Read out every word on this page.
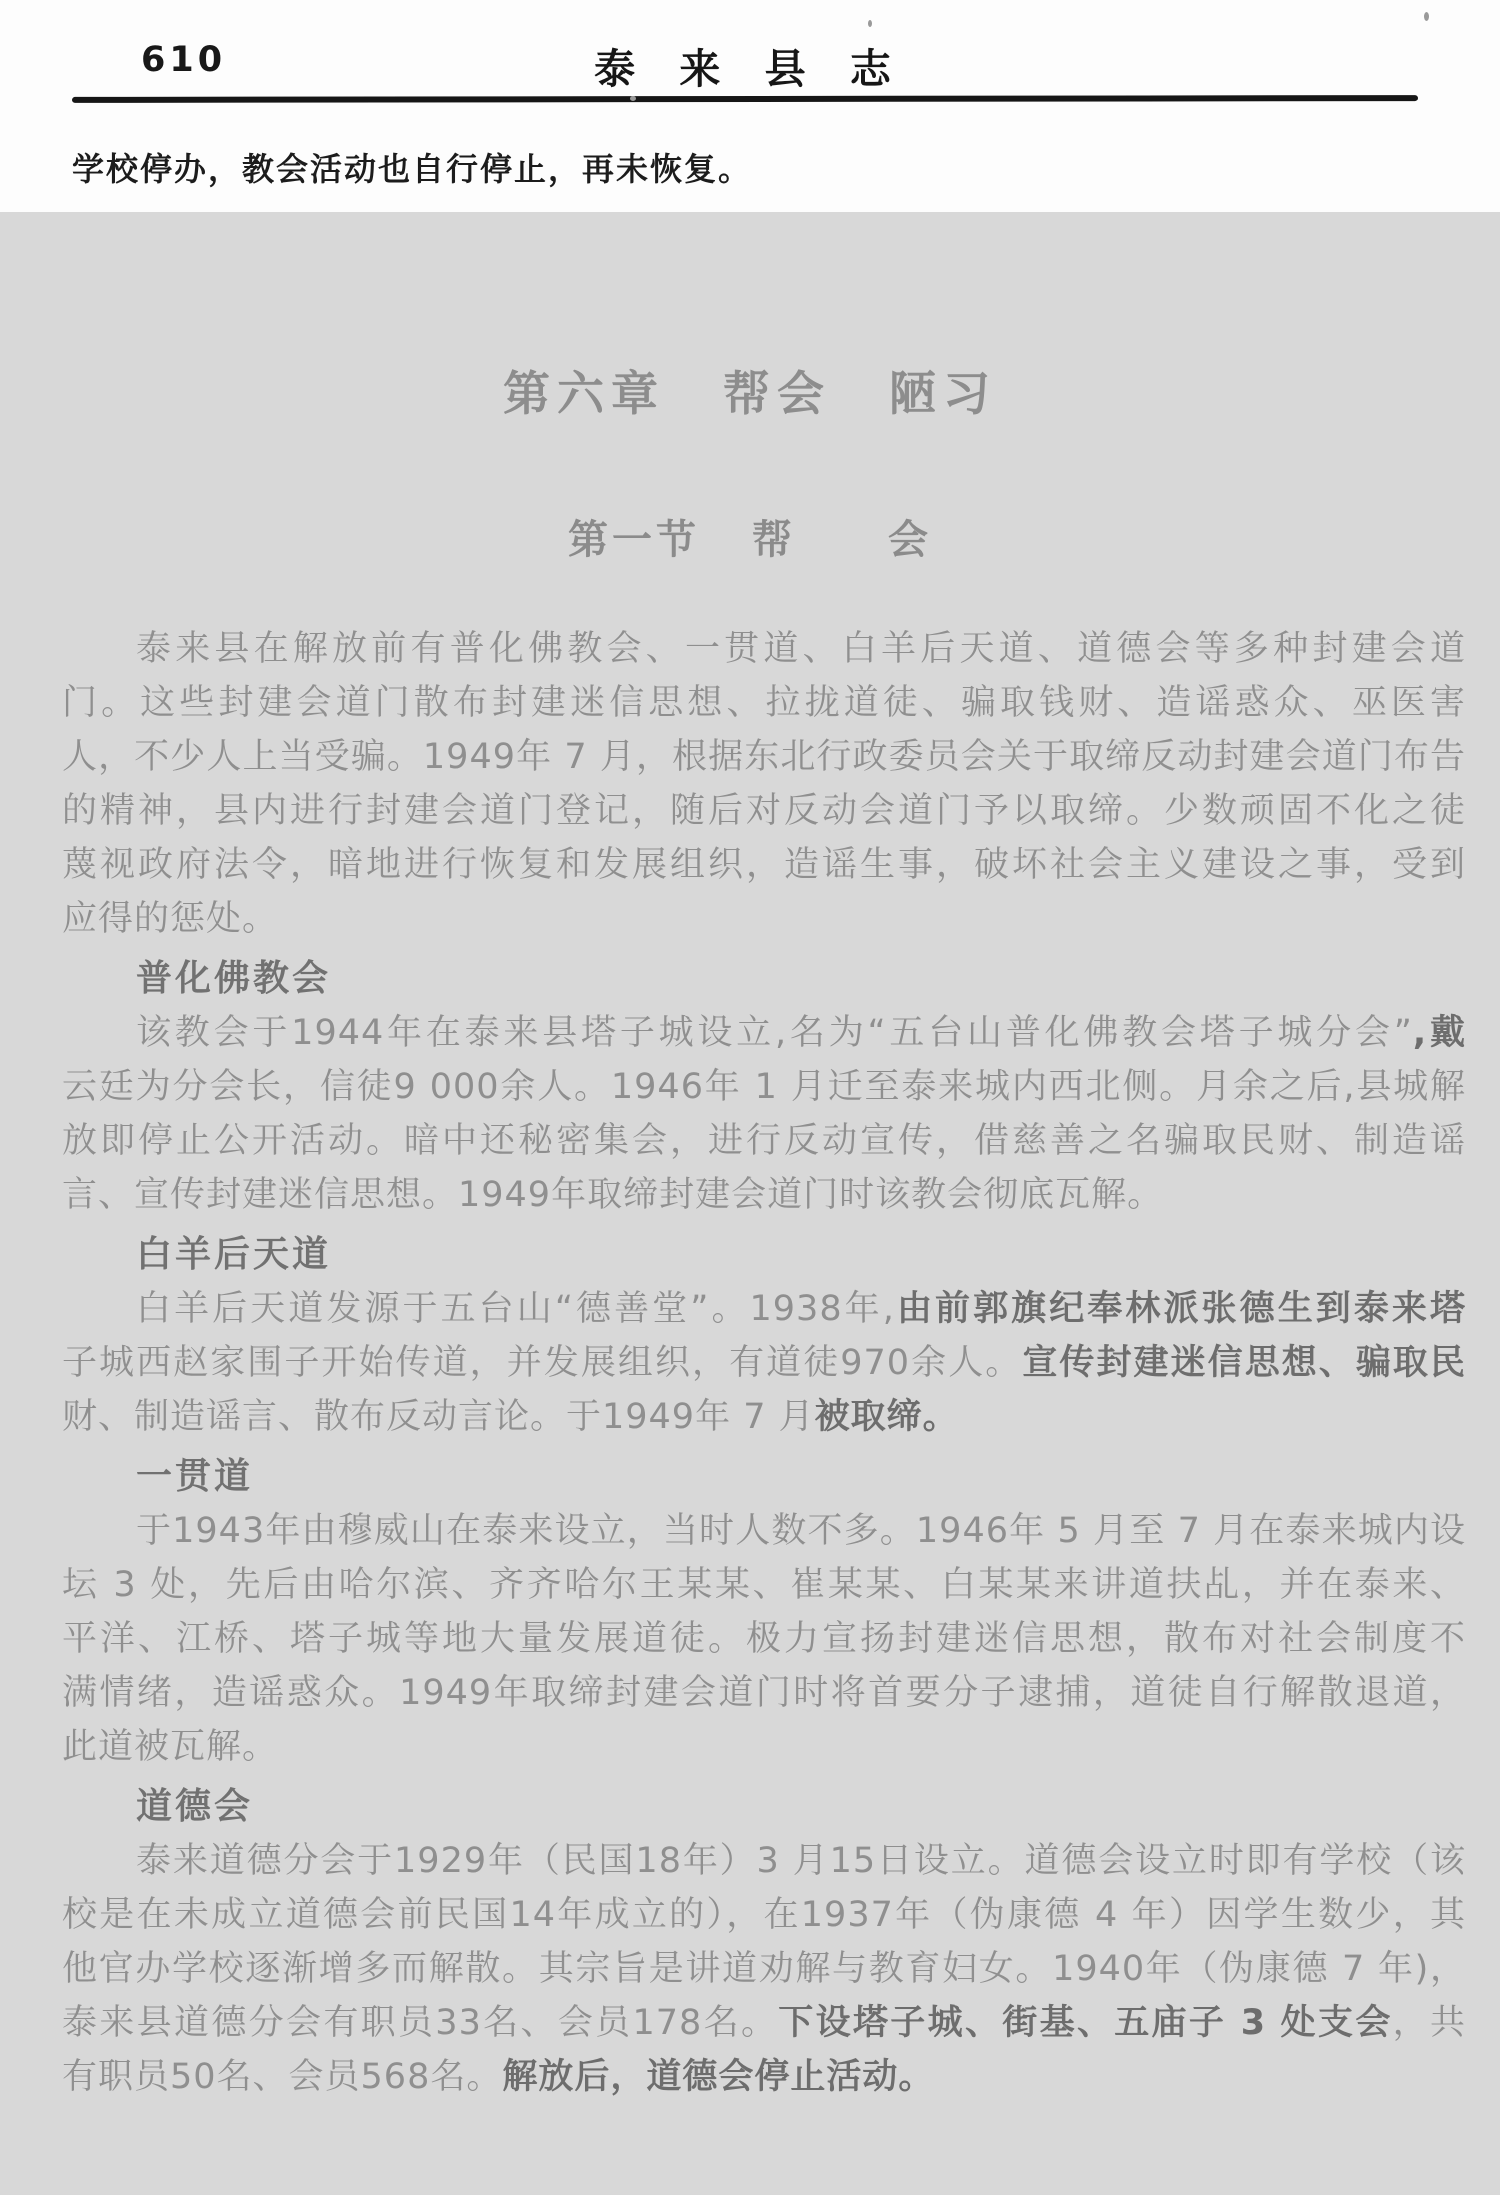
610	泰 来 县 志

学校停办，教会活动也自行停止，再未恢复。

第六章 帮会 陋习
第一节 帮 会
泰来县在解放前有普化佛教会、一贯道、白羊后天道、道德会等多种封建会道
门。这些封建会道门散布封建迷信思想、拉拢道徒、骗取钱财、造谣惑众、巫医害
人，不少人上当受骗。1949年 7 月，根据东北行政委员会关于取缔反动封建会道门布告
的精神，县内进行封建会道门登记，随后对反动会道门予以取缔。少数顽固不化之徒
蔑视政府法令，暗地进行恢复和发展组织，造谣生事，破坏社会主义建设之事，受到
应得的惩处。
普化佛教会
该教会于1944年在泰来县塔子城设立,名为“五台山普化佛教会塔子城分会”,戴
云廷为分会长，信徒9 000余人。1946年 1 月迁至泰来城内西北侧。月余之后,县城解
放即停止公开活动。暗中还秘密集会，进行反动宣传，借慈善之名骗取民财、制造谣
言、宣传封建迷信思想。1949年取缔封建会道门时该教会彻底瓦解。
白羊后天道
白羊后天道发源于五台山“德善堂”。1938年,由前郭旗纪奉林派张德生到泰来塔
子城西赵家围子开始传道，并发展组织，有道徒970余人。宣传封建迷信思想、骗取民
财、制造谣言、散布反动言论。于1949年 7 月被取缔。
一贯道
于1943年由穆威山在泰来设立，当时人数不多。1946年 5 月至 7 月在泰来城内设
坛 3 处，先后由哈尔滨、齐齐哈尔王某某、崔某某、白某某来讲道扶乩，并在泰来、
平洋、江桥、塔子城等地大量发展道徒。极力宣扬封建迷信思想，散布对社会制度不
满情绪，造谣惑众。1949年取缔封建会道门时将首要分子逮捕，道徒自行解散退道，
此道被瓦解。
道德会
泰来道德分会于1929年（民国18年）3 月15日设立。道德会设立时即有学校（该
校是在未成立道德会前民国14年成立的），在1937年（伪康德 4 年）因学生数少，其
他官办学校逐渐增多而解散。其宗旨是讲道劝解与教育妇女。1940年（伪康德 7 年)，
泰来县道德分会有职员33名、会员178名。下设塔子城、街基、五庙子 3 处支会，共
有职员50名、会员568名。解放后，道德会停止活动。
